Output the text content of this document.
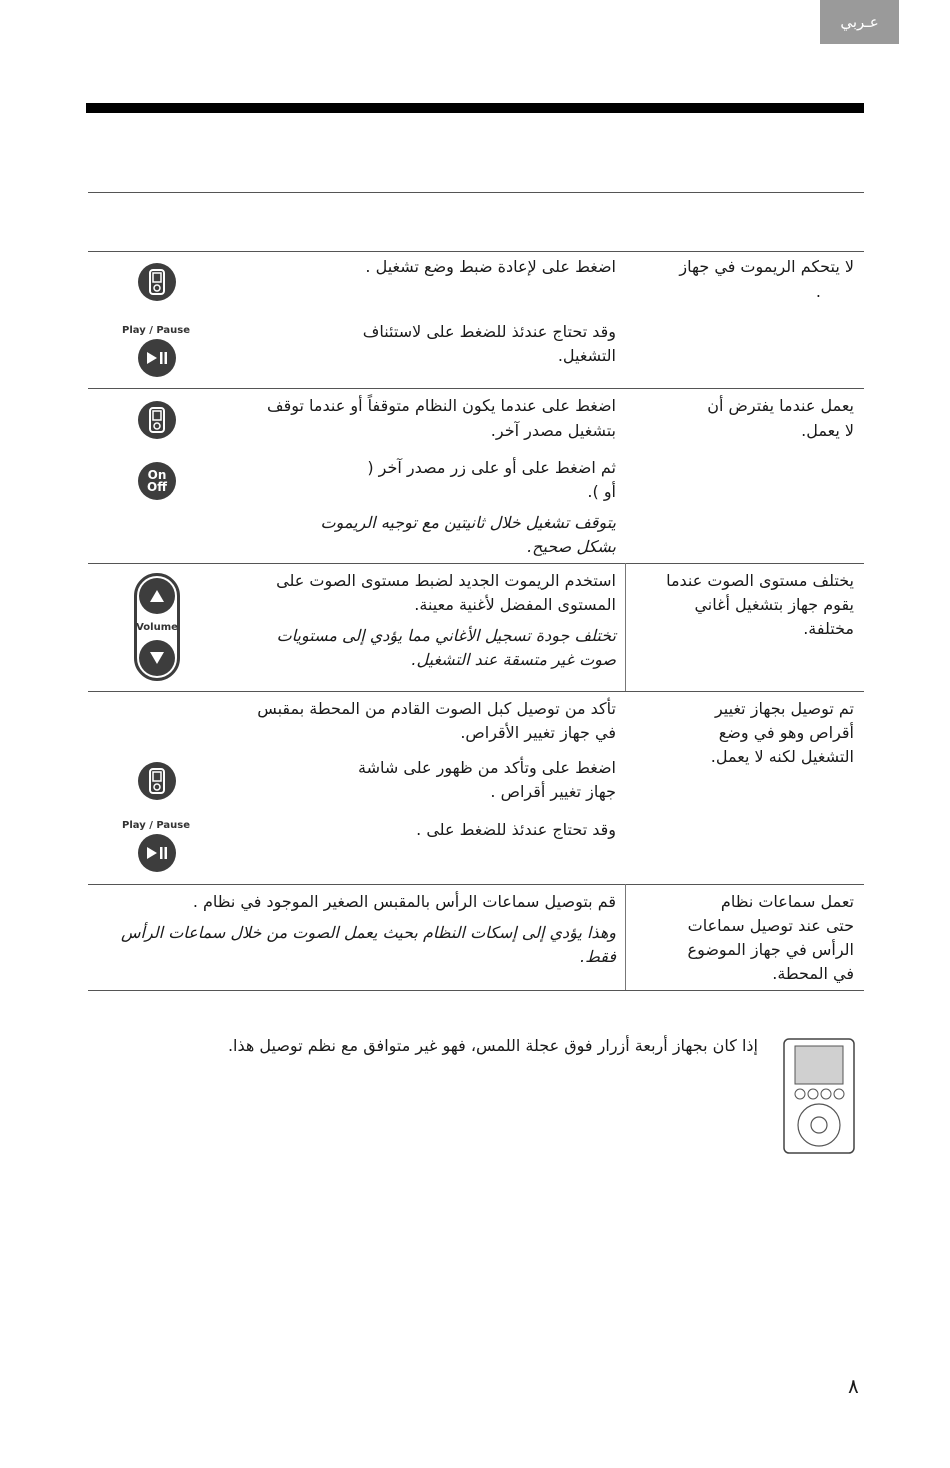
عـربي
لا يتحكم الريموت في جهاز
.
اضغط على لإعادة ضبط وضع تشغيل .
وقد تحتاج عندئذ للضغط على لاستئناف
التشغيل.
Play / Pause
يعمل عندما يفترض أن
لا يعمل.
اضغط على عندما يكون النظام متوقفاً أو عندما توقف
بتشغيل مصدر آخر.
ثم اضغط على أو على زر مصدر آخر (
أو ).
يتوقف تشغيل خلال ثانيتين مع توجيه الريموت
بشكل صحيح.
On
Off
يختلف مستوى الصوت عندما
يقوم جهاز بتشغيل أغاني
مختلفة.
استخدم الريموت الجديد لضبط مستوى الصوت على
المستوى المفضل لأغنية معينة.
تختلف جودة تسجيل الأغاني مما يؤدي إلى مستويات
صوت غير متسقة عند التشغيل.
Volume
تم توصيل بجهاز تغيير
أقراص وهو في وضع
التشغيل لكنه لا يعمل.
تأكد من توصيل كبل الصوت القادم من المحطة بمقبس
في جهاز تغيير الأقراص.
اضغط على وتأكد من ظهور على شاشة
جهاز تغيير أقراص .
وقد تحتاج عندئذ للضغط على .
Play / Pause
تعمل سماعات نظام
حتى عند توصيل سماعات
الرأس في جهاز الموضوع
في المحطة.
قم بتوصيل سماعات الرأس بالمقبس الصغير الموجود في نظام .
وهذا يؤدي إلى إسكات النظام بحيث يعمل الصوت من خلال سماعات الرأس
فقط.
إذا كان بجهاز أربعة أزرار فوق عجلة اللمس، فهو غير متوافق مع نظم توصيل هذا.
٨
